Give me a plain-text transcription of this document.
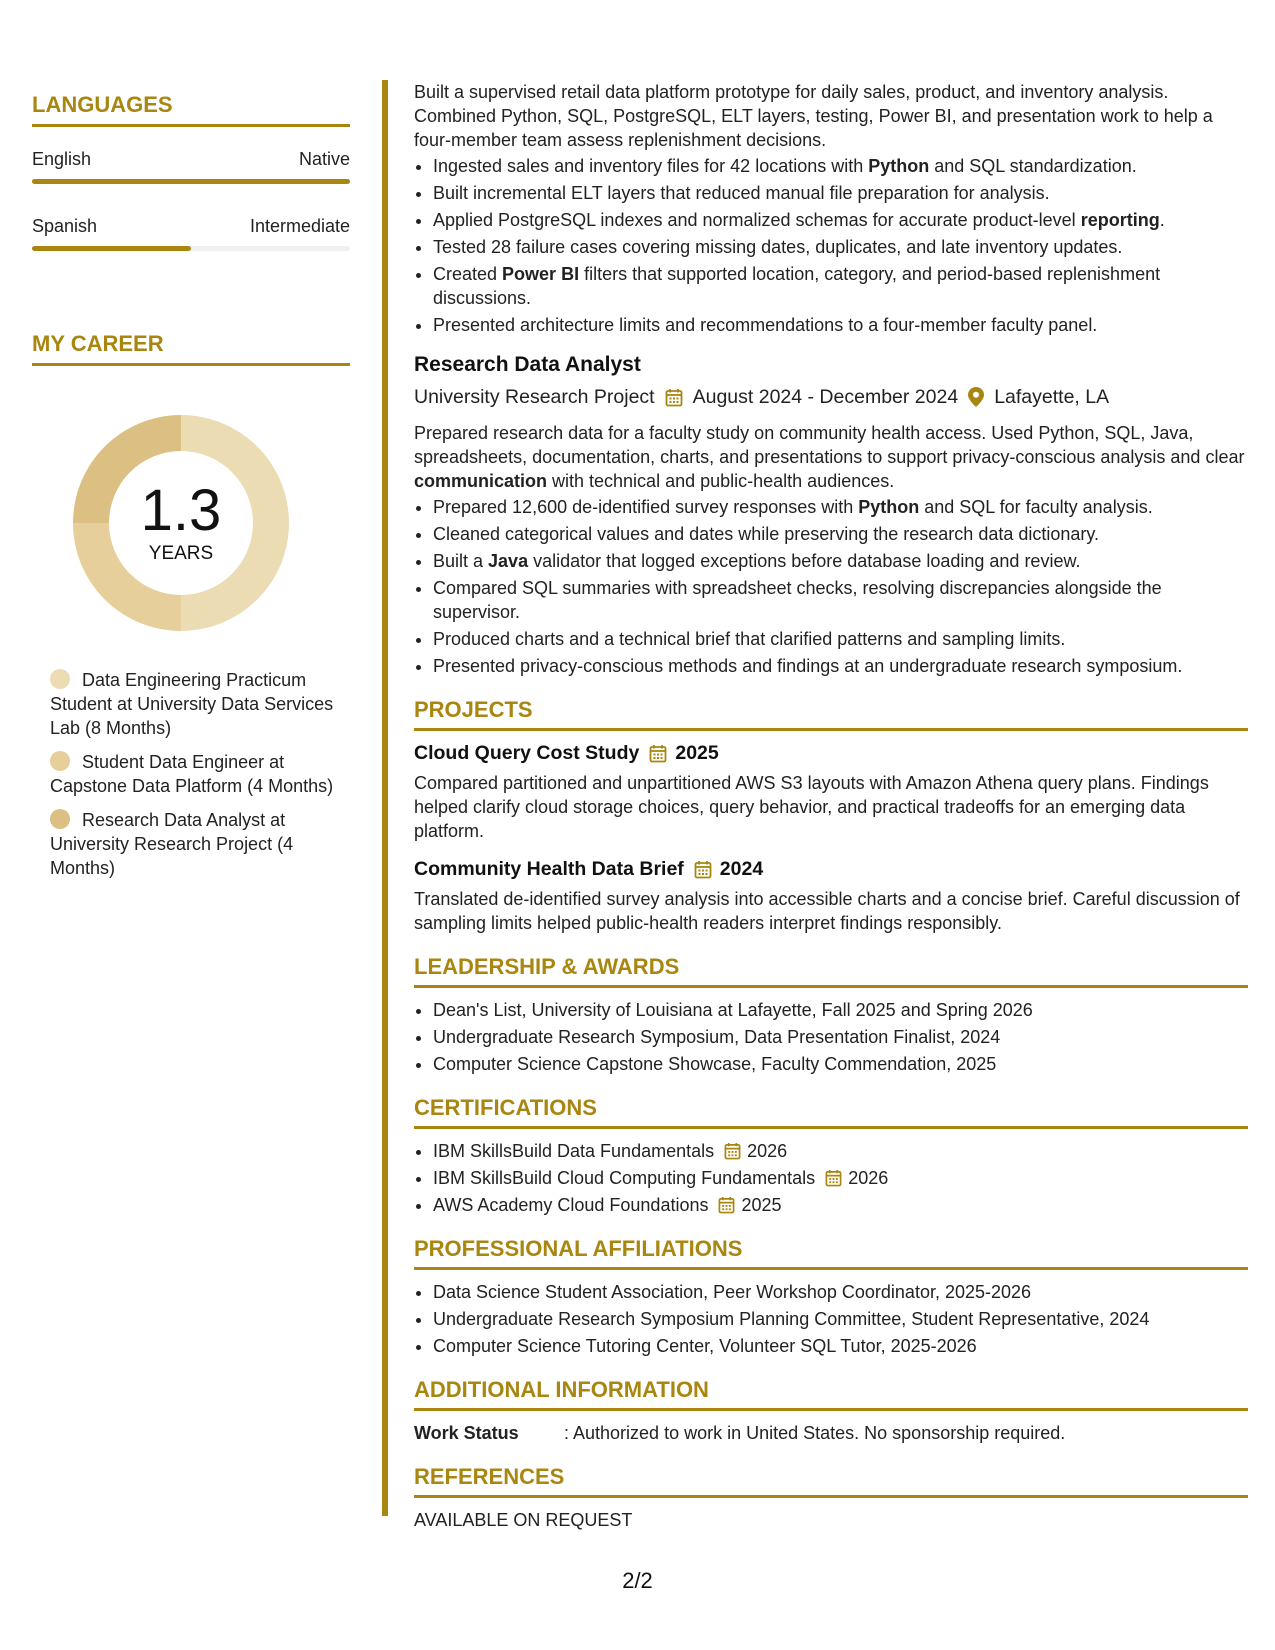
LANGUAGES
English	Native
Spanish	Intermediate
MY CAREER
1.3
YEARS
Data Engineering Practicum Student at University Data Services Lab (8 Months)
Student Data Engineer at Capstone Data Platform (4 Months)
Research Data Analyst at University Research Project (4 Months)

Built a supervised retail data platform prototype for daily sales, product, and inventory analysis. Combined Python, SQL, PostgreSQL, ELT layers, testing, Power BI, and presentation work to help a four-member team assess replenishment decisions.

• Ingested sales and inventory files for 42 locations with Python and SQL standardization.
• Built incremental ELT layers that reduced manual file preparation for analysis.
• Applied PostgreSQL indexes and normalized schemas for accurate product-level reporting.
• Tested 28 failure cases covering missing dates, duplicates, and late inventory updates.
• Created Power BI filters that supported location, category, and period-based replenishment discussions.
• Presented architecture limits and recommendations to a four-member faculty panel.
Research Data Analyst
University Research Project August 2024 - December 2024 Lafayette, LA

Prepared research data for a faculty study on community health access. Used Python, SQL, Java, spreadsheets, documentation, charts, and presentations to support privacy-conscious analysis and clear communication with technical and public-health audiences.

• Prepared 12,600 de-identified survey responses with Python and SQL for faculty analysis.
• Cleaned categorical values and dates while preserving the research data dictionary.
• Built a Java validator that logged exceptions before database loading and review.
• Compared SQL summaries with spreadsheet checks, resolving discrepancies alongside the supervisor.
• Produced charts and a technical brief that clarified patterns and sampling limits.
• Presented privacy-conscious methods and findings at an undergraduate research symposium.
PROJECTS
Cloud Query Cost Study 2025

Compared partitioned and unpartitioned AWS S3 layouts with Amazon Athena query plans. Findings helped clarify cloud storage choices, query behavior, and practical tradeoffs for an emerging data platform.

Community Health Data Brief 2024

Translated de-identified survey analysis into accessible charts and a concise brief. Careful discussion of sampling limits helped public-health readers interpret findings responsibly.

LEADERSHIP & AWARDS
• Dean's List, University of Louisiana at Lafayette, Fall 2025 and Spring 2026
• Undergraduate Research Symposium, Data Presentation Finalist, 2024
• Computer Science Capstone Showcase, Faculty Commendation, 2025
CERTIFICATIONS
• IBM SkillsBuild Data Fundamentals 2026
• IBM SkillsBuild Cloud Computing Fundamentals 2026
• AWS Academy Cloud Foundations 2025
PROFESSIONAL AFFILIATIONS
• Data Science Student Association, Peer Workshop Coordinator, 2025-2026
• Undergraduate Research Symposium Planning Committee, Student Representative, 2024
• Computer Science Tutoring Center, Volunteer SQL Tutor, 2025-2026
ADDITIONAL INFORMATION
Work Status	: Authorized to work in United States. No sponsorship required.
REFERENCES
AVAILABLE ON REQUEST
2/2
